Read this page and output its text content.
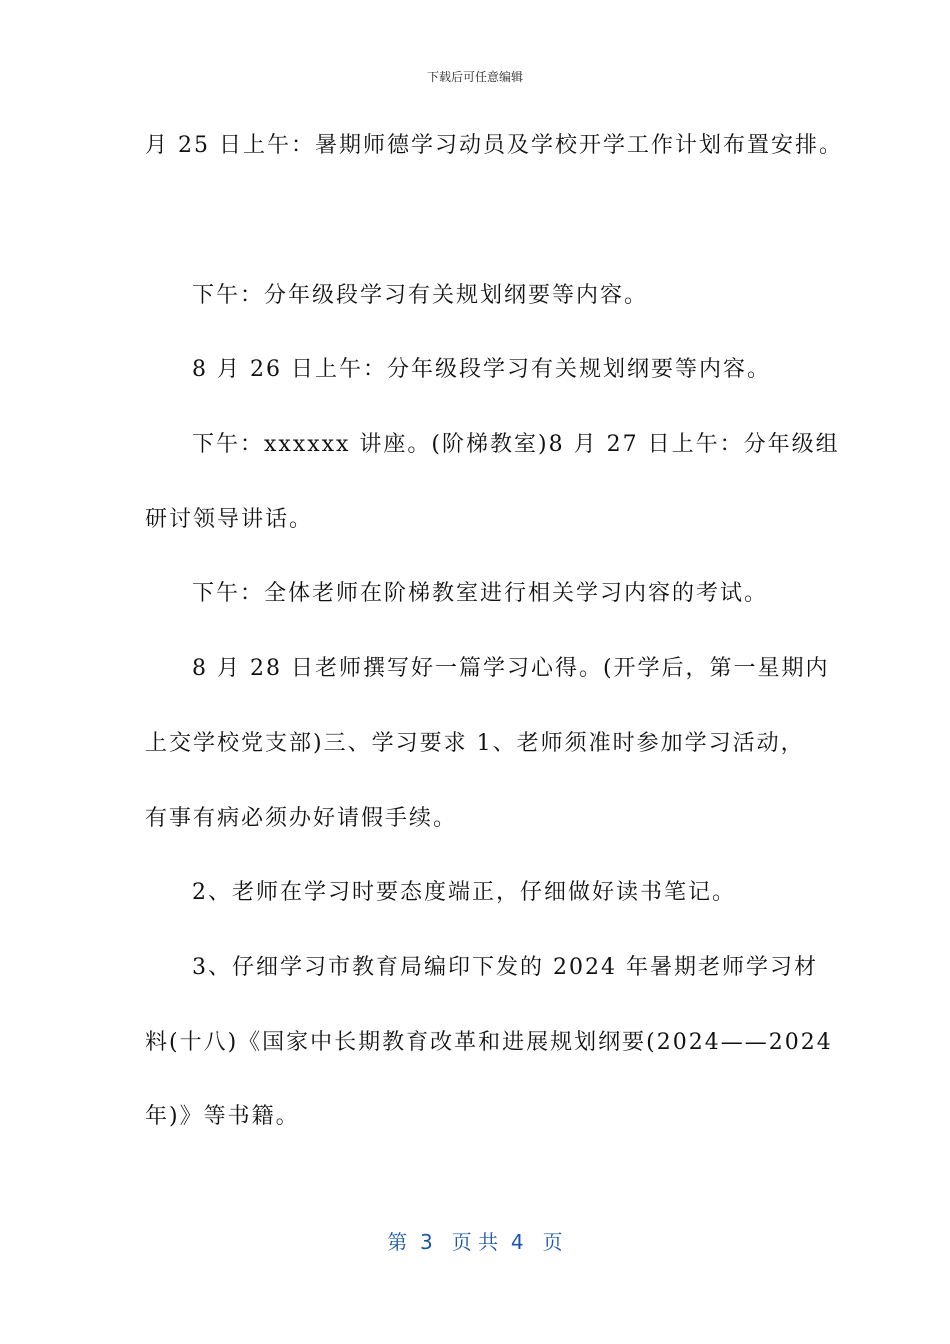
下载后可任意编辑
月 25 日上午：暑期师德学习动员及学校开学工作计划布置安排。
下午：分年级段学习有关规划纲要等内容。
8 月 26 日上午：分年级段学习有关规划纲要等内容。
下午：xxxxxx 讲座。(阶梯教室)8 月 27 日上午：分年级组
研讨领导讲话。
下午：全体老师在阶梯教室进行相关学习内容的考试。
8 月 28 日老师撰写好一篇学习心得。(开学后，第一星期内
上交学校党支部)三、学习要求 1、老师须准时参加学习活动，
有事有病必须办好请假手续。
2、老师在学习时要态度端正，仔细做好读书笔记。
3、仔细学习市教育局编印下发的 2024 年暑期老师学习材
料(十八)《国家中长期教育改革和进展规划纲要(2024——2024
年)》等书籍。
第  3   页 共  4   页
